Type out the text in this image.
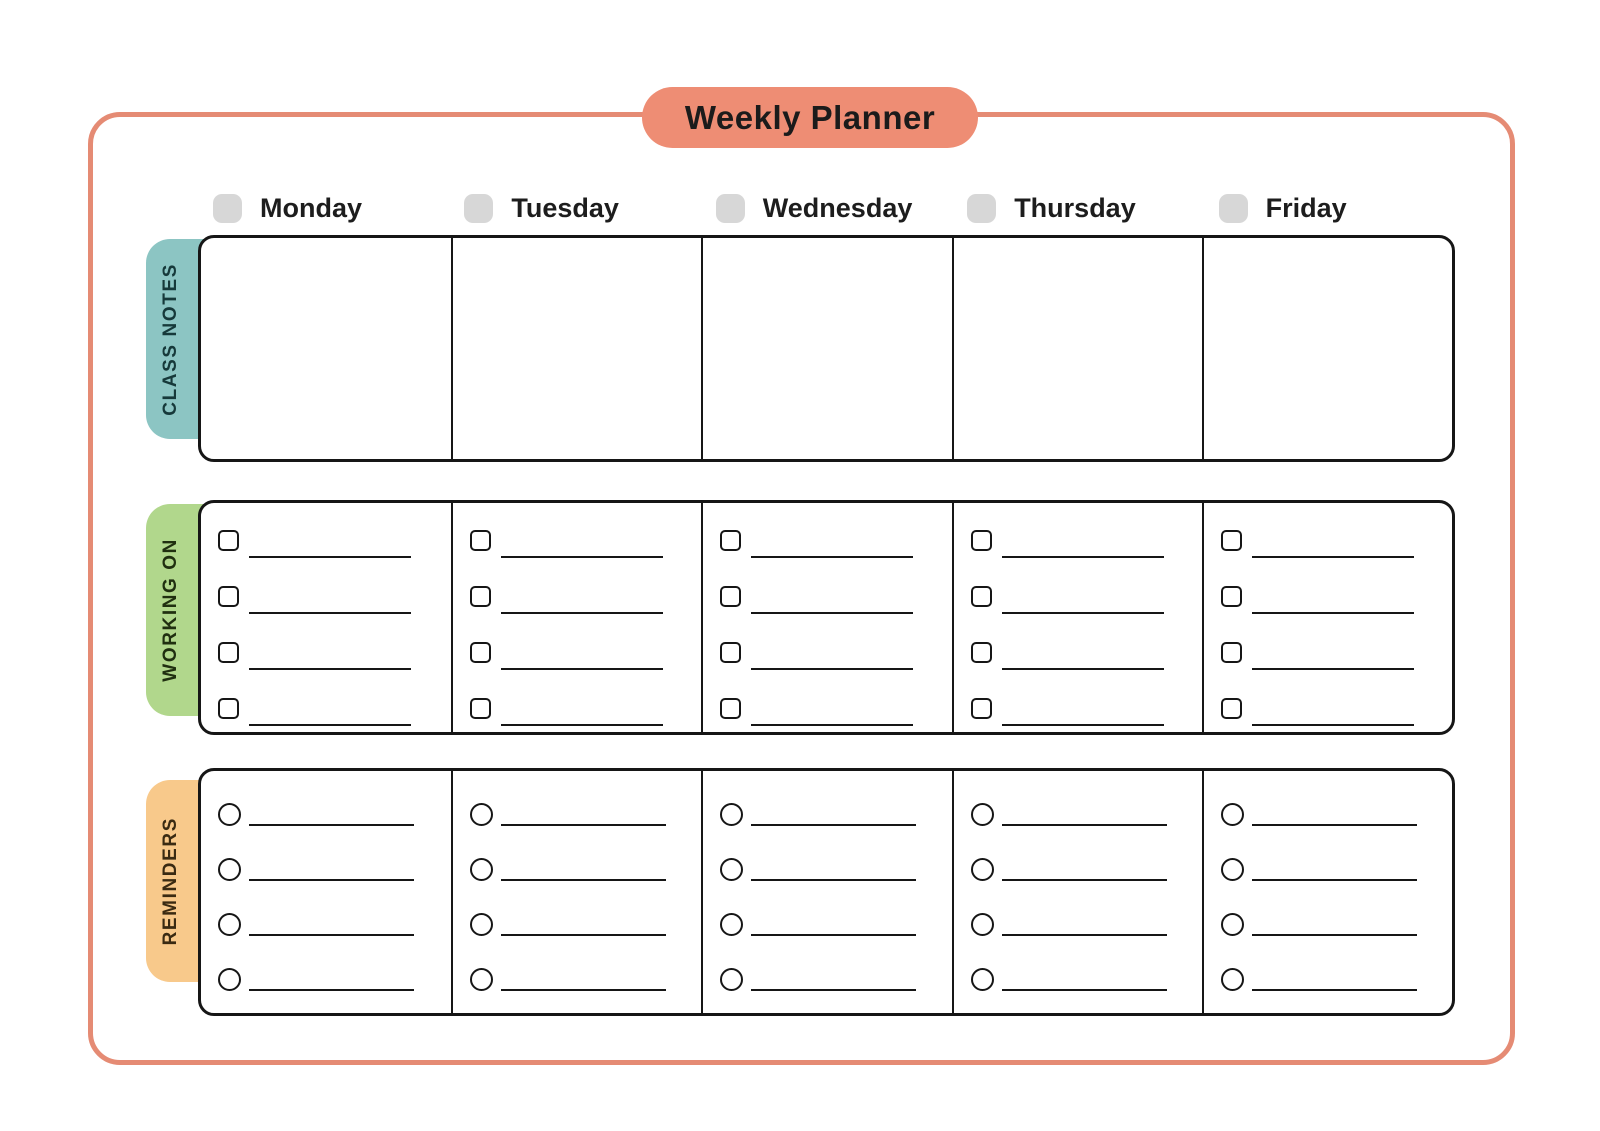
Weekly Planner
Monday	Tuesday	Wednesday	Thursday	Friday
CLASS NOTES
WORKING ON
REMINDERS
